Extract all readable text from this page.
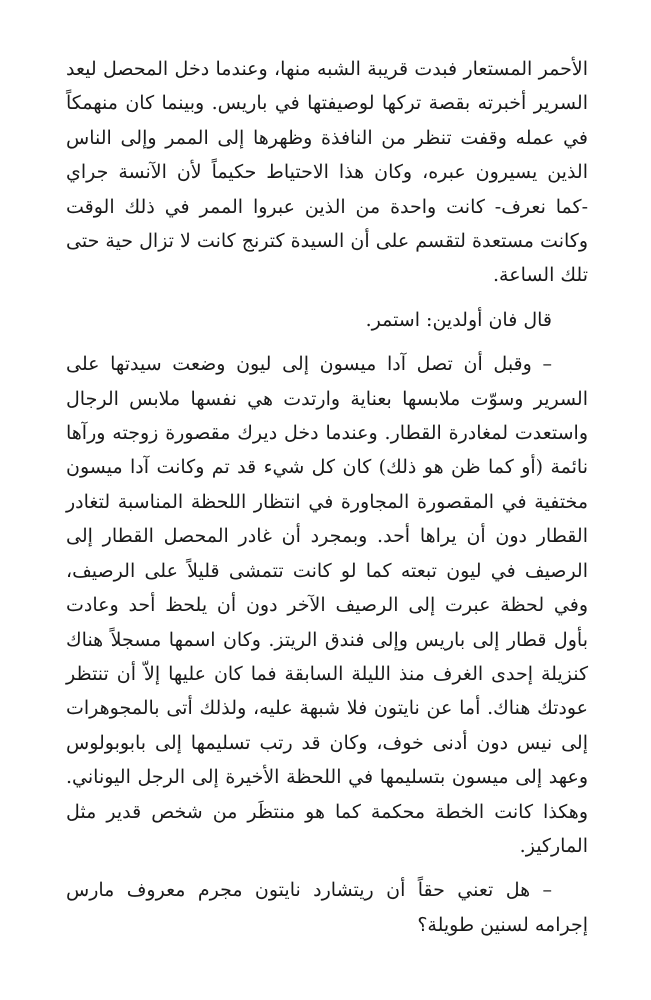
الأحمر المستعار فبدت قريبة الشبه منها، وعندما دخل المحصل ليعد السرير أخبرته بقصة تركها لوصيفتها في باريس. وبينما كان منهمكاً في عمله وقفت تنظر من النافذة وظهرها إلى الممر وإلى الناس الذين يسيرون عبره، وكان هذا الاحتياط حكيماً لأن الآنسة جراي -كما نعرف- كانت واحدة من الذين عبروا الممر في ذلك الوقت وكانت مستعدة لتقسم على أن السيدة كترنج كانت لا تزال حية حتى تلك الساعة.

قال فان أولدين: استمر.

– وقبل أن تصل آدا ميسون إلى ليون وضعت سيدتها على السرير وسوّت ملابسها بعناية وارتدت هي نفسها ملابس الرجال واستعدت لمغادرة القطار. وعندما دخل ديرك مقصورة زوجته ورآها نائمة (أو كما ظن هو ذلك) كان كل شيء قد تم وكانت آدا ميسون مختفية في المقصورة المجاورة في انتظار اللحظة المناسبة لتغادر القطار دون أن يراها أحد. وبمجرد أن غادر المحصل القطار إلى الرصيف في ليون تبعته كما لو كانت تتمشى قليلاً على الرصيف، وفي لحظة عبرت إلى الرصيف الآخر دون أن يلحظ أحد وعادت بأول قطار إلى باريس وإلى فندق الريتز. وكان اسمها مسجلاً هناك كنزيلة إحدى الغرف منذ الليلة السابقة فما كان عليها إلاّ أن تنتظر عودتك هناك. أما عن نايتون فلا شبهة عليه، ولذلك أتى بالمجوهرات إلى نيس دون أدنى خوف، وكان قد رتب تسليمها إلى بابوبولوس وعهد إلى ميسون بتسليمها في اللحظة الأخيرة إلى الرجل اليوناني. وهكذا كانت الخطة محكمة كما هو منتظَر من شخص قدير مثل الماركيز.

– هل تعني حقاً أن ريتشارد نايتون مجرم معروف مارس إجرامه لسنين طويلة؟
